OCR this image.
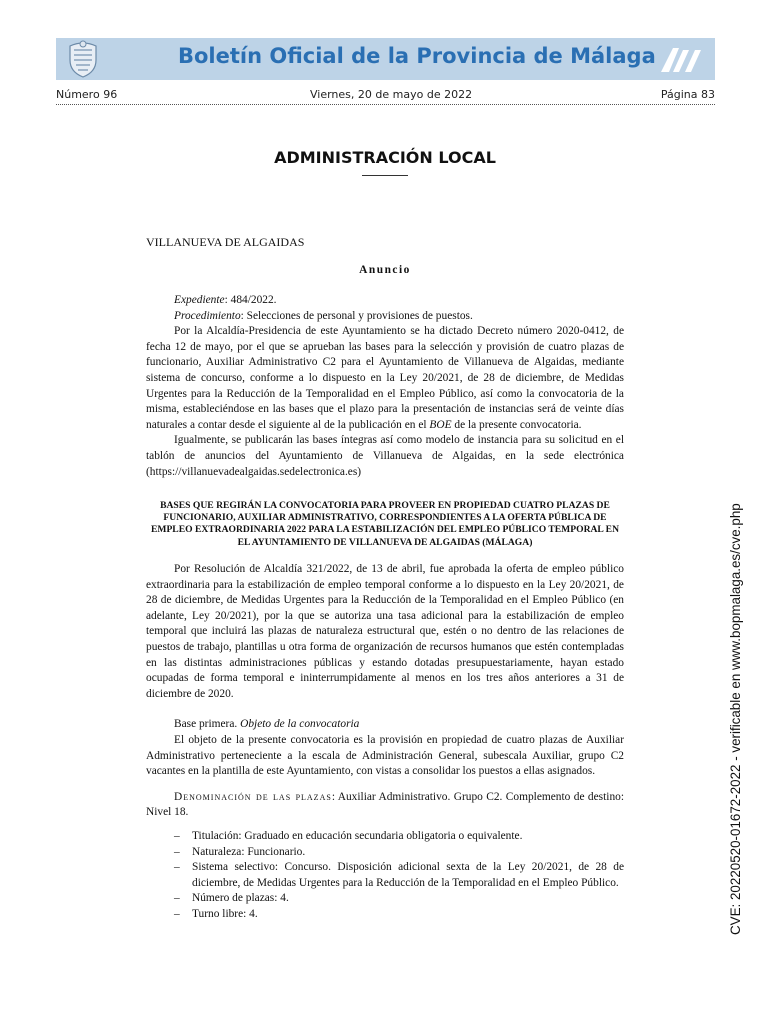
Boletín Oficial de la Provincia de Málaga
Número 96	Viernes, 20 de mayo de 2022	Página 83
ADMINISTRACIÓN LOCAL
VILLANUEVA DE ALGAIDAS
Anuncio

Expediente: 484/2022.

Procedimiento: Selecciones de personal y provisiones de puestos.

Por la Alcaldía-Presidencia de este Ayuntamiento se ha dictado Decreto número 2020-0412, de fecha 12 de mayo, por el que se aprueban las bases para la selección y provisión de cuatro plazas de funcionario, Auxiliar Administrativo C2 para el Ayuntamiento de Villanueva de Algaidas, mediante sistema de concurso, conforme a lo dispuesto en la Ley 20/2021, de 28 de diciembre, de Medidas Urgentes para la Reducción de la Temporalidad en el Empleo Público, así como la convocatoria de la misma, estableciéndose en las bases que el plazo para la presentación de instancias será de veinte días naturales a contar desde el siguiente al de la publicación en el BOE de la presente convocatoria.

Igualmente, se publicarán las bases íntegras así como modelo de instancia para su solicitud en el tablón de anuncios del Ayuntamiento de Villanueva de Algaidas, en la sede electrónica (https://villanuevadealgaidas.sedelectronica.es)

BASES QUE REGIRÁN LA CONVOCATORIA PARA PROVEER EN PROPIEDAD CUATRO PLAZAS DE FUNCIONARIO, AUXILIAR ADMINISTRATIVO, CORRESPONDIENTES A LA OFERTA PÚBLICA DE EMPLEO EXTRAORDINARIA 2022 PARA LA ESTABILIZACIÓN DEL EMPLEO PÚBLICO TEMPORAL EN EL AYUNTAMIENTO DE VILLANUEVA DE ALGAIDAS (MÁLAGA)

Por Resolución de Alcaldía 321/2022, de 13 de abril, fue aprobada la oferta de empleo público extraordinaria para la estabilización de empleo temporal conforme a lo dispuesto en la Ley 20/2021, de 28 de diciembre, de Medidas Urgentes para la Reducción de la Temporalidad en el Empleo Público (en adelante, Ley 20/2021), por la que se autoriza una tasa adicional para la estabilización de empleo temporal que incluirá las plazas de naturaleza estructural que, estén o no dentro de las relaciones de puestos de trabajo, plantillas u otra forma de organización de recursos humanos que estén contempladas en las distintas administraciones públicas y estando dotadas presupuestariamente, hayan estado ocupadas de forma temporal e ininterrumpidamente al menos en los tres años anteriores a 31 de diciembre de 2020.

Base primera. Objeto de la convocatoria

El objeto de la presente convocatoria es la provisión en propiedad de cuatro plazas de Auxiliar Administrativo perteneciente a la escala de Administración General, subescala Auxiliar, grupo C2 vacantes en la plantilla de este Ayuntamiento, con vistas a consolidar los puestos a ellas asignados.

Denominación de las plazas: Auxiliar Administrativo. Grupo C2. Complemento de destino: Nivel 18.

– Titulación: Graduado en educación secundaria obligatoria o equivalente.
– Naturaleza: Funcionario.
– Sistema selectivo: Concurso. Disposición adicional sexta de la Ley 20/2021, de 28 de diciembre, de Medidas Urgentes para la Reducción de la Temporalidad en el Empleo Público.
– Número de plazas: 4.
– Turno libre: 4.	CVE: 20220520-01672-2022 - verificable en www.bopmalaga.es/cve.php
